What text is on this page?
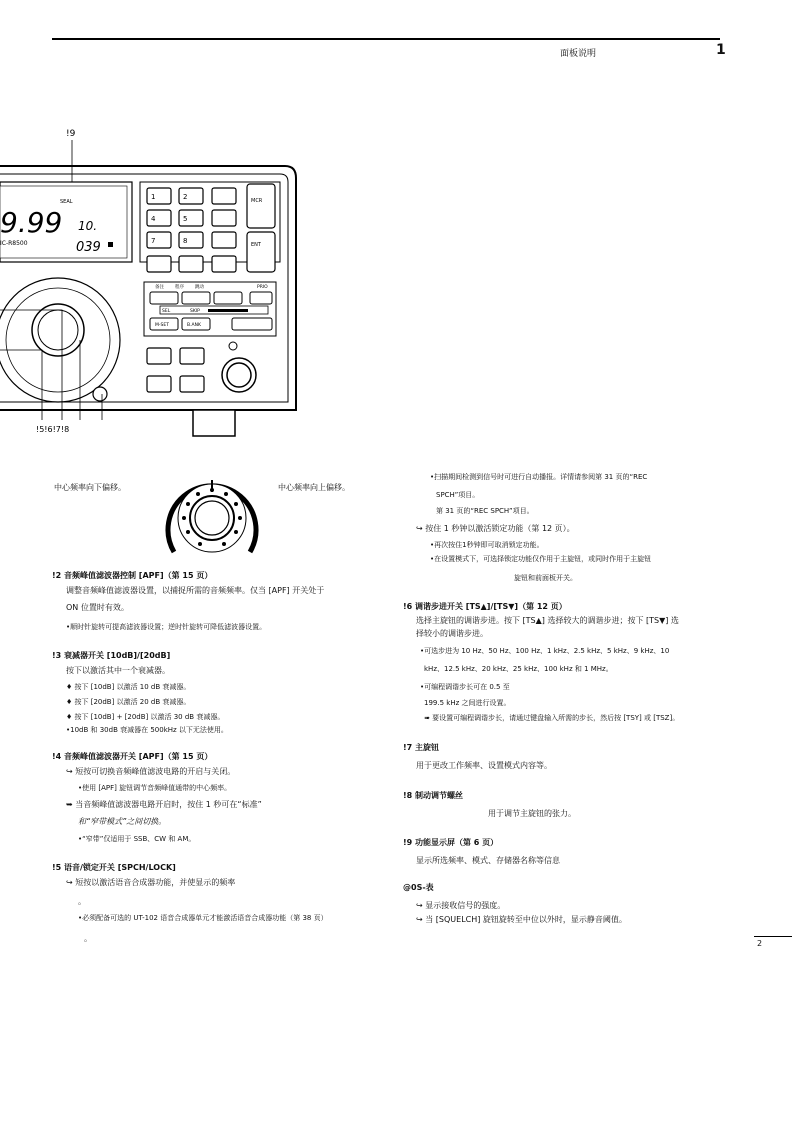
面板说明	1
!9
SEAL
9.99 10.
IC-R8500	039
1	2
4	5
7	8
MCR
ENT
备注 程序 跳动	PRIO
SEL	SKIP
M-SET	B.ANK
!5!6!7!8
中心频率向下偏移。	中心频率向上偏移。
!2 音频峰值滤波器控制 [APF]（第 15 页）
调整音频峰值滤波器设置，以捕捉所需的音频频率。仅当 [APF] 开关处于
ON 位置时有效。
•顺时针旋转可提高滤波器设置；逆时针旋转可降低滤波器设置。
!3 衰减器开关 [10dB]/[20dB]
按下以激活其中一个衰减器。
♦ 按下 [10dB] 以激活 10 dB 衰减器。
♦ 按下 [20dB] 以激活 20 dB 衰减器。
♦ 按下 [10dB] + [20dB] 以激活 30 dB 衰减器。
•10dB 和 30dB 衰减器在 500kHz 以下无法使用。
!4 音频峰值滤波器开关 [APF]（第 15 页）
↪ 短按可切换音频峰值滤波电路的开启与关闭。
•使用 [APF] 旋钮调节音频峰值通带的中心频率。
➥ 当音频峰值滤波器电路开启时，按住 1 秒可在“标准”
和“窄带模式”之间切换。
•“窄带”仅适用于 SSB、CW 和 AM。
!5 语音/锁定开关 [SPCH/LOCK]
↪ 短按以激活语音合成器功能，并使显示的频率
。
•必须配备可选的 UT-102 语音合成器单元才能激活语音合成器功能（第 38 页）
。
•扫描期间检测到信号时可进行自动播报。详情请参阅第 31 页的“REC
SPCH”项目。
第 31 页的“REC SPCH”项目。
↪ 按住 1 秒钟以激活锁定功能（第 12 页）。
•再次按住1秒钟即可取消锁定功能。
•在设置模式下，可选择锁定功能仅作用于主旋钮，或同时作用于主旋钮
旋钮和前面板开关。
!6 调谐步进开关 [TS▲]/[TS▼]（第 12 页）
选择主旋钮的调谐步进。按下 [TS▲] 选择较大的调谐步进；按下 [TS▼] 选
择较小的调谐步进。
•可选步进为 10 Hz、50 Hz、100 Hz、1 kHz、2.5 kHz、5 kHz、9 kHz、10
kHz、12.5 kHz、20 kHz、25 kHz、100 kHz 和 1 MHz。
•可编程调谐步长可在 0.5 至
199.5 kHz 之间进行设置。
➠ 要设置可编程调谐步长，请通过键盘输入所需的步长，然后按 [TSY] 或 [TSZ]。
!7 主旋钮
用于更改工作频率、设置模式内容等。
!8 制动调节螺丝
用于调节主旋钮的张力。
!9 功能显示屏（第 6 页）
显示所选频率、模式、存储器名称等信息
@0S-表
↪ 显示接收信号的强度。
↪ 当 [SQUELCH] 旋钮旋转至中位以外时，显示静音阈值。
2
